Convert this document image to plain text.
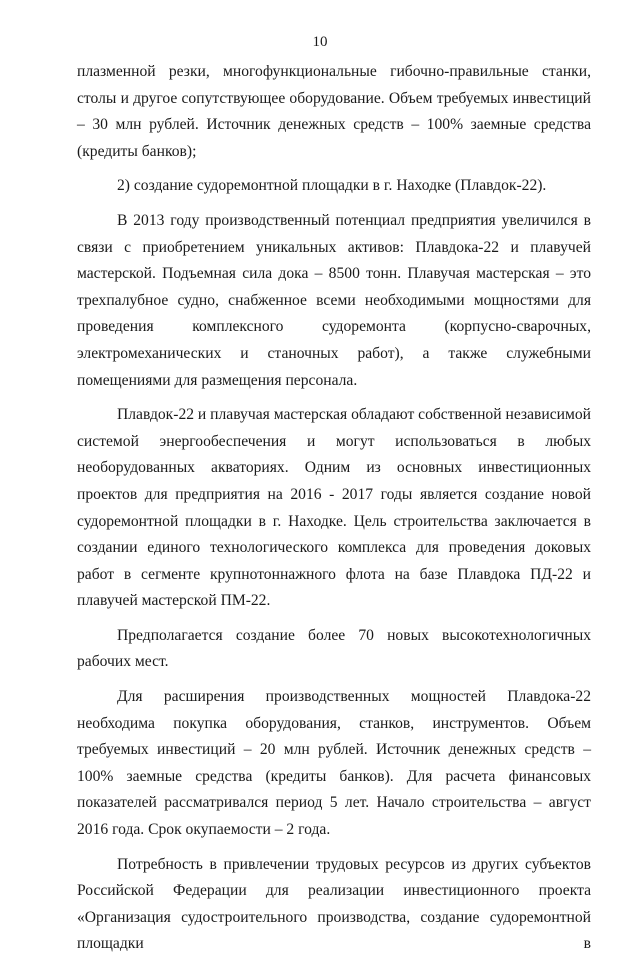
10

плазменной резки, многофункциональные гибочно-правильные станки, столы и другое сопутствующее оборудование. Объем требуемых инвестиций – 30 млн рублей. Источник денежных средств – 100% заемные средства (кредиты банков);

2) создание судоремонтной площадки в г. Находке (Плавдок-22).

В 2013 году производственный потенциал предприятия увеличился в связи с приобретением уникальных активов: Плавдока-22 и плавучей мастерской. Подъемная сила дока – 8500 тонн. Плавучая мастерская – это трехпалубное судно, снабженное всеми необходимыми мощностями для проведения комплексного судоремонта (корпусно-сварочных, электромеханических и станочных работ), а также служебными помещениями для размещения персонала.

Плавдок-22 и плавучая мастерская обладают собственной независимой системой энергообеспечения и могут использоваться в любых необорудованных акваториях. Одним из основных инвестиционных проектов для предприятия на 2016 - 2017 годы является создание новой судоремонтной площадки в г. Находке. Цель строительства заключается в создании единого технологического комплекса для проведения доковых работ в сегменте крупнотоннажного флота на базе Плавдока ПД-22 и плавучей мастерской ПМ-22.

Предполагается создание более 70 новых высокотехнологичных рабочих мест.

Для расширения производственных мощностей Плавдока-22 необходима покупка оборудования, станков, инструментов. Объем требуемых инвестиций – 20 млн рублей. Источник денежных средств – 100% заемные средства (кредиты банков). Для расчета финансовых показателей рассматривался период 5 лет. Начало строительства – август 2016 года. Срок окупаемости – 2 года.

Потребность в привлечении трудовых ресурсов из других субъектов Российской Федерации для реализации инвестиционного проекта «Организация судостроительного производства, создание судоремонтной площадки в
